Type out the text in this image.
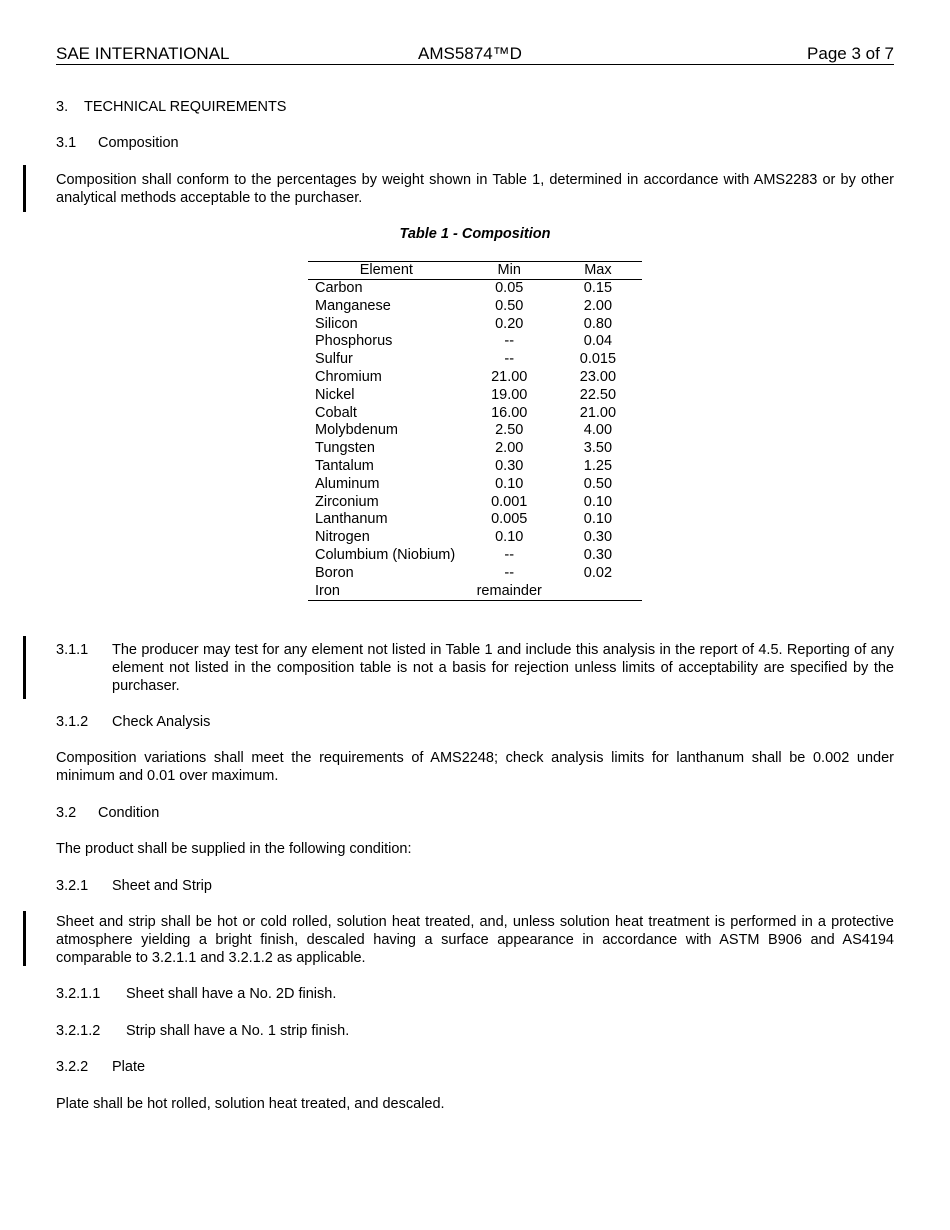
SAE INTERNATIONAL	AMS5874™D	Page 3 of 7
3. TECHNICAL REQUIREMENTS
3.1 Composition
Composition shall conform to the percentages by weight shown in Table 1, determined in accordance with AMS2283 or by other analytical methods acceptable to the purchaser.
Table 1 - Composition
Element	Min	Max
Carbon	0.05	0.15
Manganese	0.50	2.00
Silicon	0.20	0.80
Phosphorus	--	0.04
Sulfur	--	0.015
Chromium	21.00	23.00
Nickel	19.00	22.50
Cobalt	16.00	21.00
Molybdenum	2.50	4.00
Tungsten	2.00	3.50
Tantalum	0.30	1.25
Aluminum	0.10	0.50
Zirconium	0.001	0.10
Lanthanum	0.005	0.10
Nitrogen	0.10	0.30
Columbium (Niobium)	--	0.30
Boron	--	0.02
Iron	remainder	
3.1.1 The producer may test for any element not listed in Table 1 and include this analysis in the report of 4.5. Reporting of any element not listed in the composition table is not a basis for rejection unless limits of acceptability are specified by the purchaser.
3.1.2 Check Analysis
Composition variations shall meet the requirements of AMS2248; check analysis limits for lanthanum shall be 0.002 under minimum and 0.01 over maximum.
3.2 Condition
The product shall be supplied in the following condition:
3.2.1 Sheet and Strip
Sheet and strip shall be hot or cold rolled, solution heat treated, and, unless solution heat treatment is performed in a protective atmosphere yielding a bright finish, descaled having a surface appearance in accordance with ASTM B906 and AS4194 comparable to 3.2.1.1 and 3.2.1.2 as applicable.
3.2.1.1 Sheet shall have a No. 2D finish.
3.2.1.2 Strip shall have a No. 1 strip finish.
3.2.2 Plate
Plate shall be hot rolled, solution heat treated, and descaled.
